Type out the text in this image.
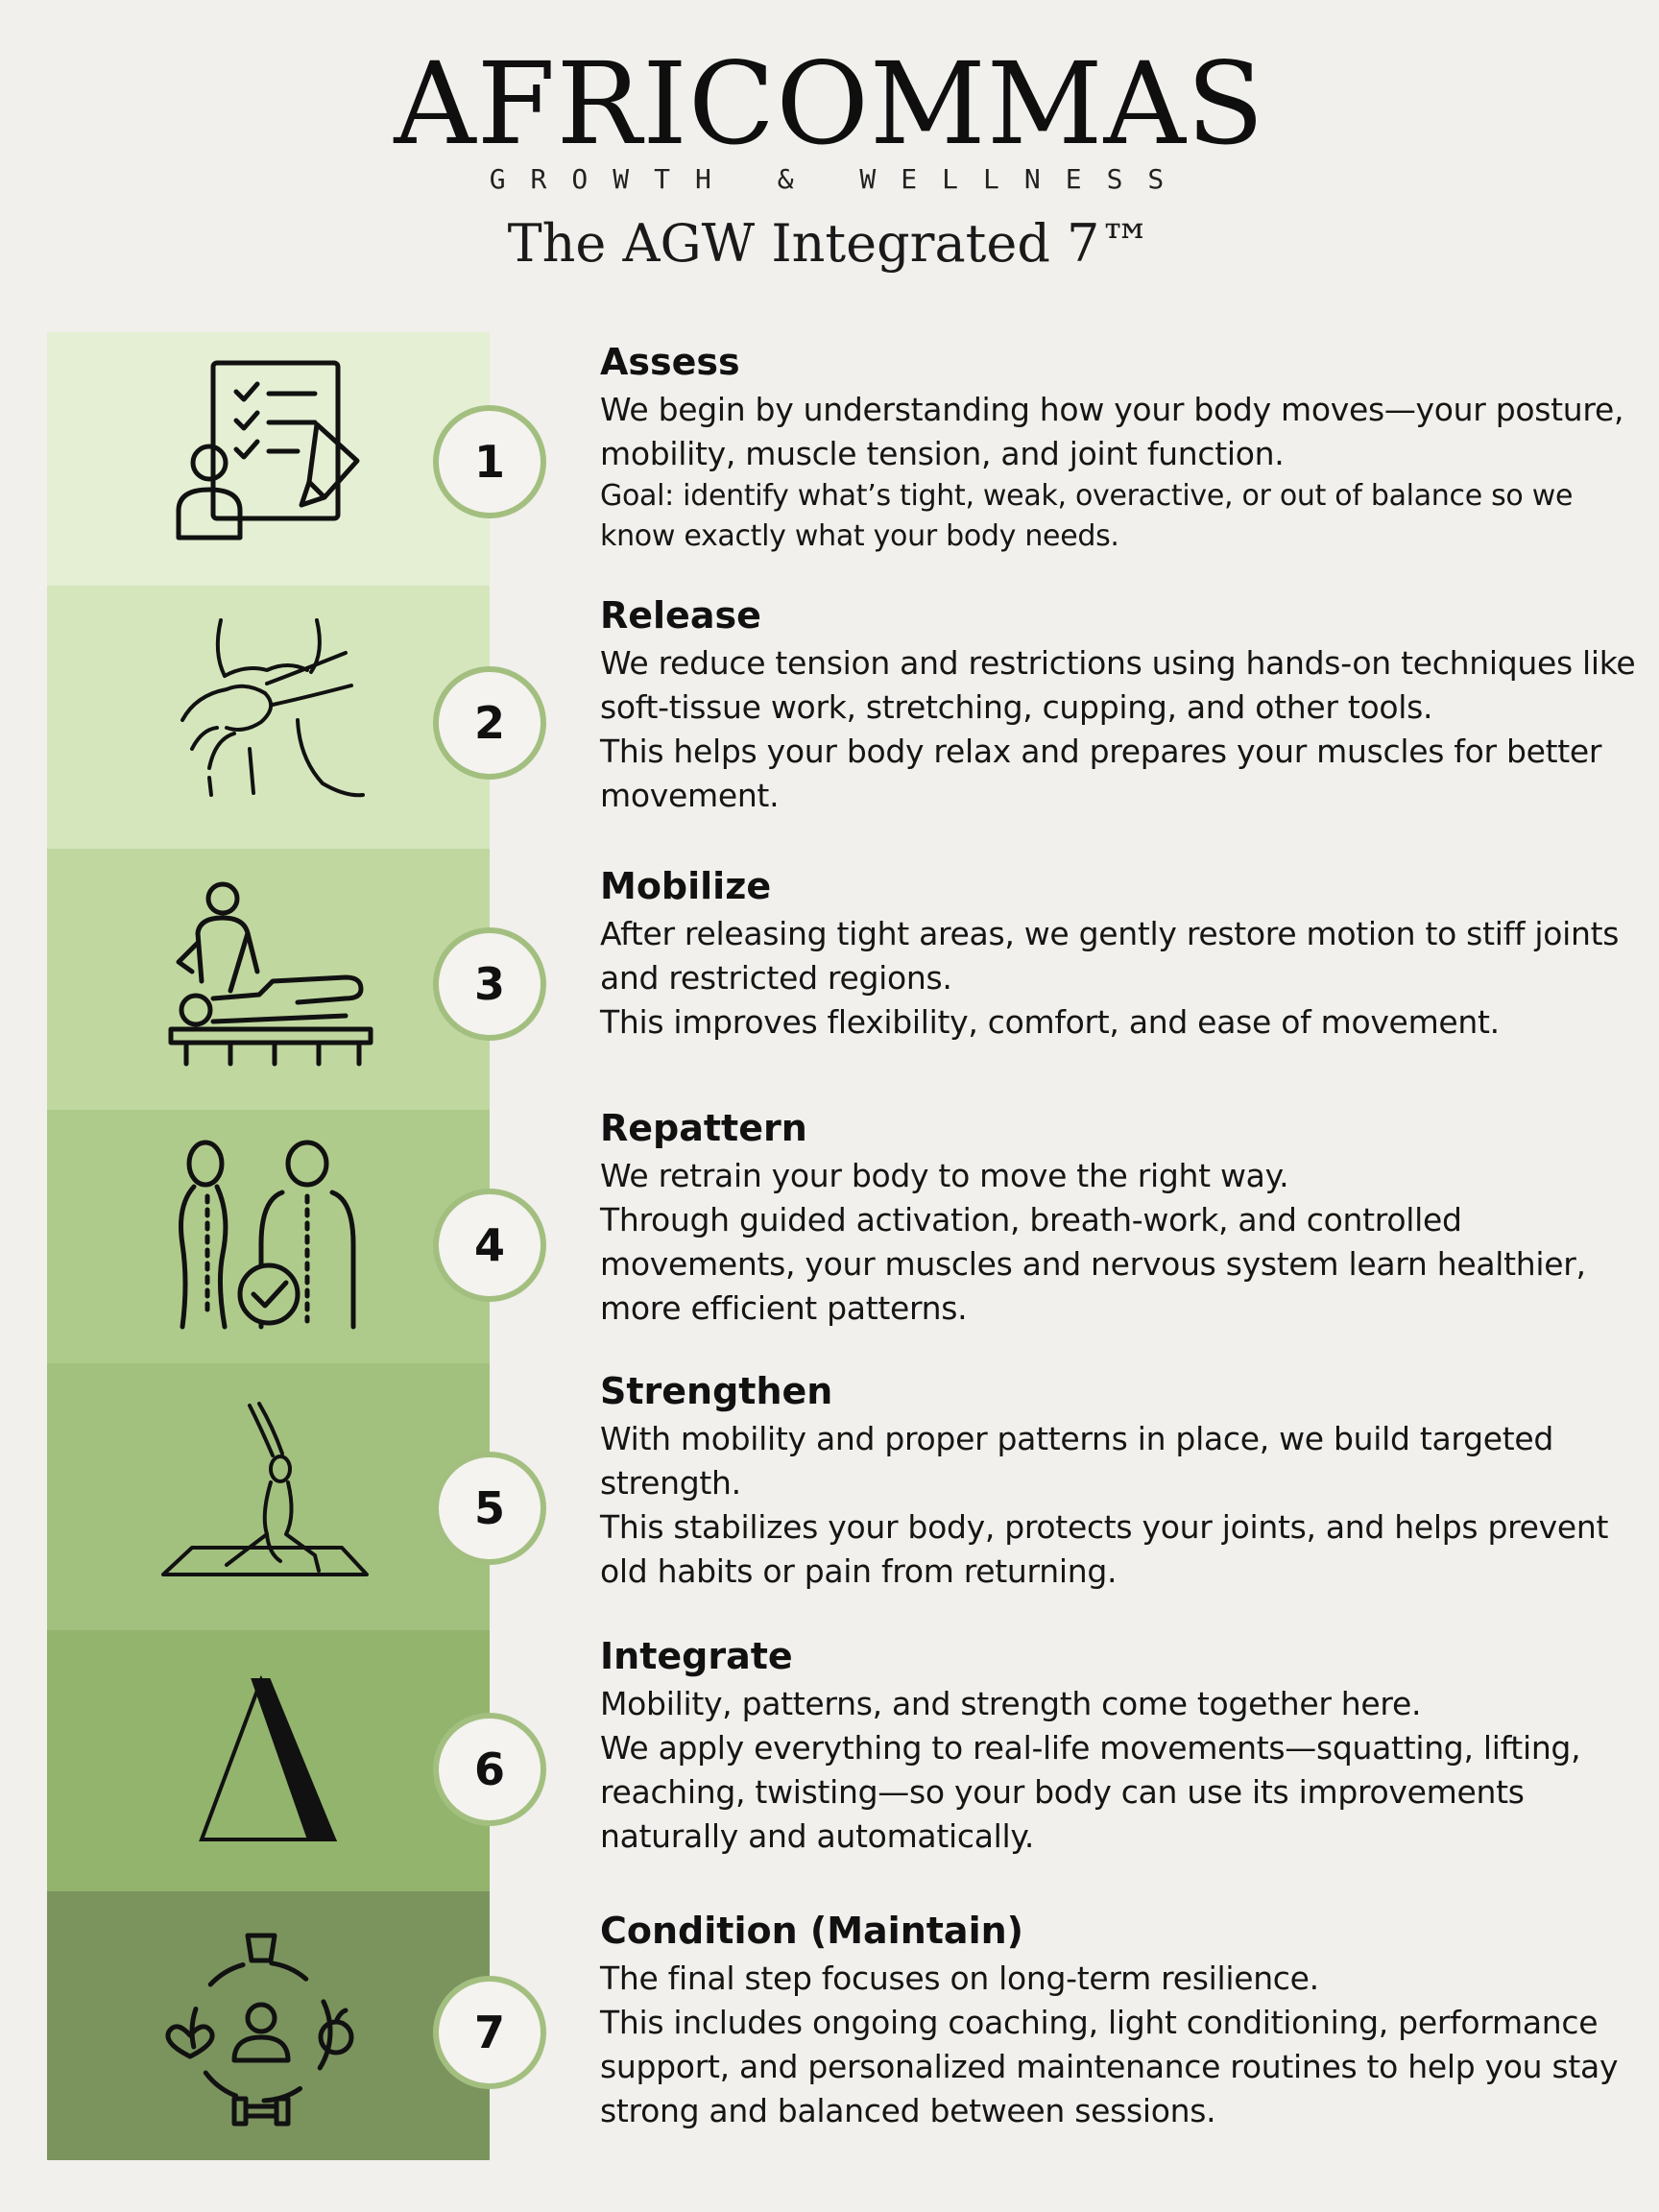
AFRICOMMAS
GROWTH & WELLNESS
The AGW Integrated 7™
1
2
3
4
5
6
7
Assess

We begin by understanding how your body moves—your posture, mobility, muscle tension, and joint function.

Goal: identify what’s tight, weak, overactive, or out of balance so we know exactly what your body needs.

Release

We reduce tension and restrictions using hands-on techniques like soft-tissue work, stretching, cupping, and other tools.

This helps your body relax and prepares your muscles for better movement.

Mobilize

After releasing tight areas, we gently restore motion to stiff joints and restricted regions.

This improves flexibility, comfort, and ease of movement.

Repattern

We retrain your body to move the right way.

Through guided activation, breath-work, and controlled movements, your muscles and nervous system learn healthier, more efficient patterns.

Strengthen

With mobility and proper patterns in place, we build targeted strength.

This stabilizes your body, protects your joints, and helps prevent old habits or pain from returning.

Integrate

Mobility, patterns, and strength come together here.

We apply everything to real-life movements—squatting, lifting, reaching, twisting—so your body can use its improvements naturally and automatically.

Condition (Maintain)

The final step focuses on long-term resilience.

This includes ongoing coaching, light conditioning, performance support, and personalized maintenance routines to help you stay strong and balanced between sessions.
